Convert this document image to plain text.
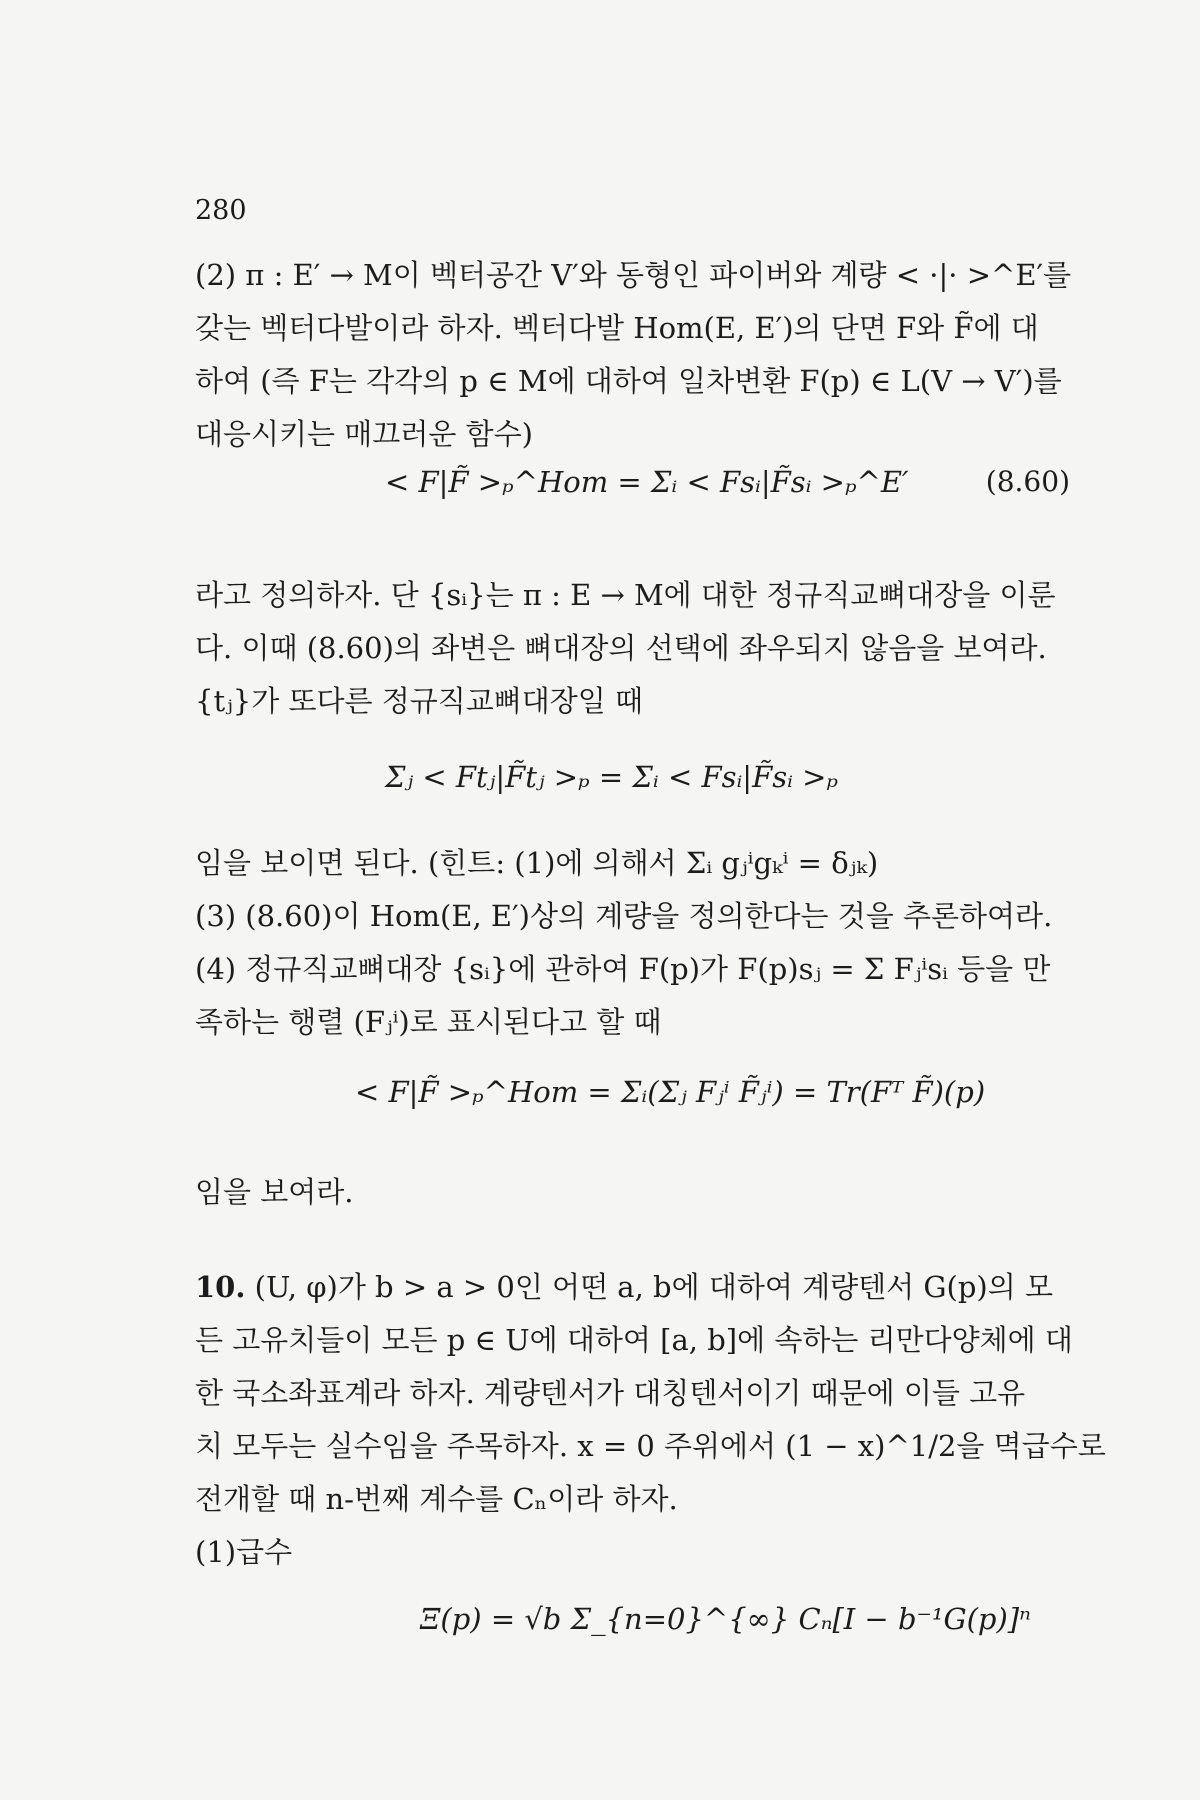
280
(2) π : E′ → M이 벡터공간 V′와 동형인 파이버와 계량 < ·|· >^E′를
갖는 벡터다발이라 하자. 벡터다발 Hom(E, E′)의 단면 F와 F̃에 대
하여 (즉 F는 각각의 p ∈ M에 대하여 일차변환 F(p) ∈ L(V → V′)를
대응시키는 매끄러운 함수)
< F|F̃ >ₚ^Hom = Σᵢ < Fsᵢ|F̃sᵢ >ₚ^E′	(8.60)
라고 정의하자. 단 {sᵢ}는 π : E → M에 대한 정규직교뼈대장을 이룬
다. 이때 (8.60)의 좌변은 뼈대장의 선택에 좌우되지 않음을 보여라.
{tⱼ}가 또다른 정규직교뼈대장일 때
Σⱼ < Ftⱼ|F̃tⱼ >ₚ = Σᵢ < Fsᵢ|F̃sᵢ >ₚ
임을 보이면 된다. (힌트: (1)에 의해서 Σᵢ gⱼⁱgₖⁱ = δⱼₖ)
(3) (8.60)이 Hom(E, E′)상의 계량을 정의한다는 것을 추론하여라.
(4) 정규직교뼈대장 {sᵢ}에 관하여 F(p)가 F(p)sⱼ = Σ Fⱼⁱsᵢ 등을 만
족하는 행렬 (Fⱼⁱ)로 표시된다고 할 때
< F|F̃ >ₚ^Hom = Σᵢ(Σⱼ Fⱼⁱ F̃ⱼⁱ) = Tr(Fᵀ F̃)(p)
임을 보여라.
10. (U, φ)가 b > a > 0인 어떤 a, b에 대하여 계량텐서 G(p)의 모
든 고유치들이 모든 p ∈ U에 대하여 [a, b]에 속하는 리만다양체에 대
한 국소좌표계라 하자. 계량텐서가 대칭텐서이기 때문에 이들 고유
치 모두는 실수임을 주목하자. x = 0 주위에서 (1 − x)^1/2을 멱급수로
전개할 때 n-번째 계수를 Cₙ이라 하자.
(1)급수
Ξ(p) = √b Σ_{n=0}^{∞} Cₙ[I − b⁻¹G(p)]ⁿ
